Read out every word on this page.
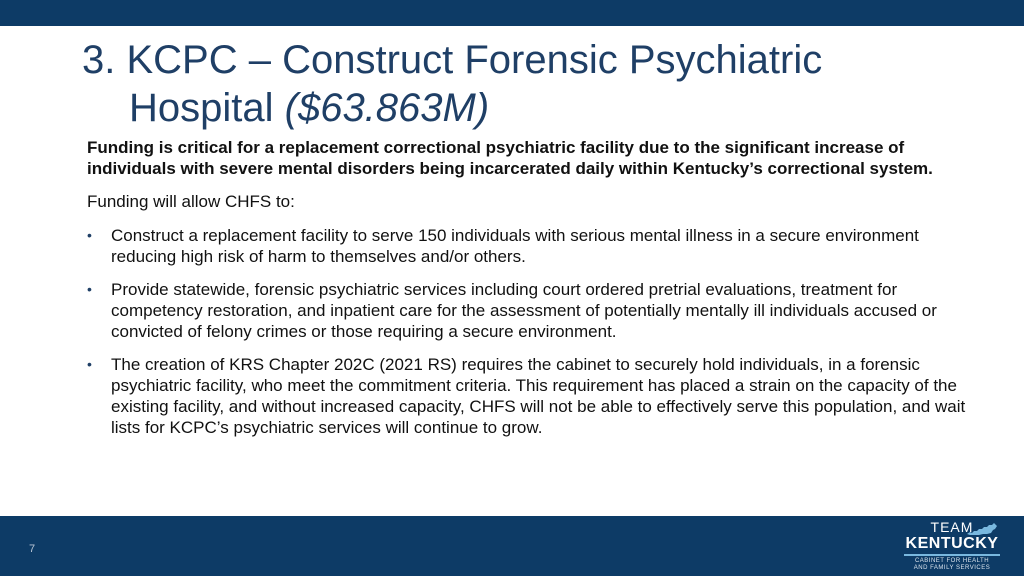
3. KCPC – Construct Forensic Psychiatric
Hospital ($63.863M)

Funding is critical for a replacement correctional psychiatric facility due to the significant increase of individuals with severe mental disorders being incarcerated daily within Kentucky’s correctional system.

Funding will allow CHFS to:

• Construct a replacement facility to serve 150 individuals with serious mental illness in a secure environment reducing high risk of harm to themselves and/or others.
• Provide statewide, forensic psychiatric services including court ordered pretrial evaluations, treatment for competency restoration, and inpatient care for the assessment of potentially mentally ill individuals accused or convicted of felony crimes or those requiring a secure environment.
• The creation of KRS Chapter 202C (2021 RS) requires the cabinet to securely hold individuals, in a forensic psychiatric facility, who meet the commitment criteria. This requirement has placed a strain on the capacity of the existing facility, and without increased capacity, CHFS will not be able to effectively serve this population, and wait lists for KCPC’s psychiatric services will continue to grow.
7
TEAM
KENTUCKY
CABINET FOR HEALTH
AND FAMILY SERVICES
